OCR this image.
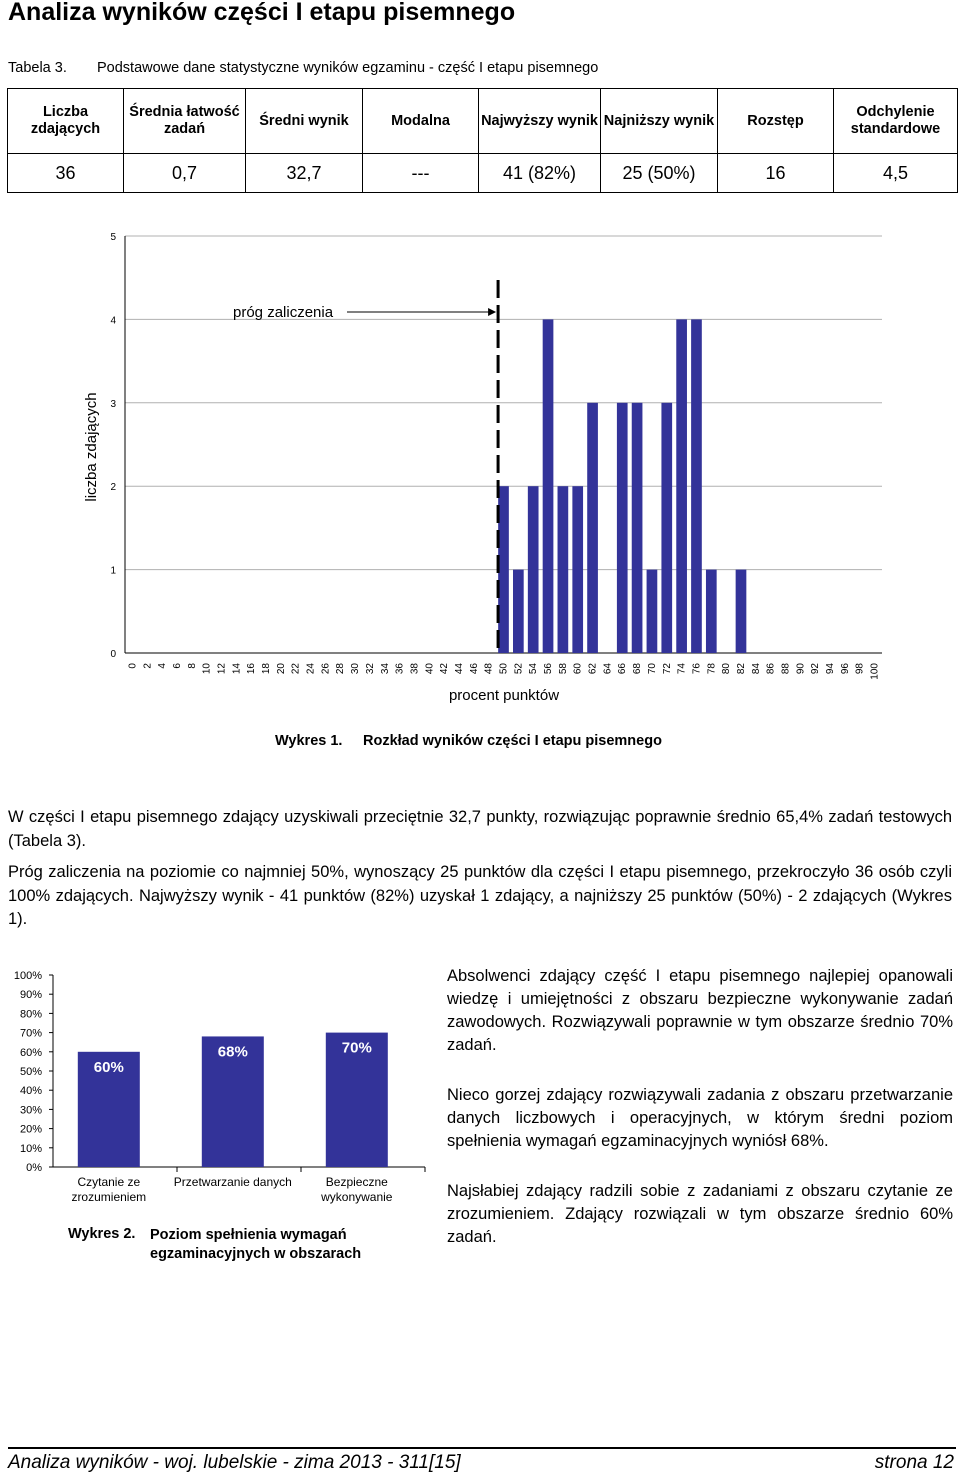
Analiza wyników części I etapu pisemnego
Tabela 3. Podstawowe dane statystyczne wyników egzaminu - część I etapu pisemnego
Liczba zdających	Średnia łatwość zadań	Średni wynik	Modalna	Najwyższy wynik	Najniższy wynik	Rozstęp	Odchylenie standardowe
36	0,7	32,7	---	41 (82%)	25 (50%)	16	4,5
0
1
2
3
4
5
0 2 4 6 8 10 12 14 16 18 20 22 24 26 28 30 32 34 36 38 40 42 44 46 48 50 52 54 56 58 60 62 64 66 68 70 72 74 76 78 80 82 84 86 88 90 92 94 96 98 100
próg zaliczenia
liczba zdających
procent punktów
Wykres 1. Rozkład wyników części I etapu pisemnego
W części I etapu pisemnego zdający uzyskiwali przeciętnie 32,7 punkty, rozwiązując poprawnie średnio 65,4% zadań testowych (Tabela 3).
Próg zaliczenia na poziomie co najmniej 50%, wynoszący 25 punktów dla części I etapu pisemnego, przekroczyło 36 osób czyli 100% zdających. Najwyższy wynik - 41 punktów (82%) uzyskał 1 zdający, a najniższy 25 punktów (50%) - 2 zdających (Wykres 1).
0%
10%
20%
30%
40%
50%
60%
70%
80%
90%
100%
60%
Czytanie ze
zrozumieniem
68%
Przetwarzanie danych
70%
Bezpieczne
wykonywanie
Wykres 2. Poziom spełnienia wymagań egzaminacyjnych w obszarach
Absolwenci zdający część I etapu pisemnego najlepiej opanowali wiedzę i umiejętności z obszaru bezpieczne wykonywanie zadań zawodowych. Rozwiązywali poprawnie w tym obszarze średnio 70% zadań.
Nieco gorzej zdający rozwiązywali zadania z obszaru przetwarzanie danych liczbowych i operacyjnych, w którym średni poziom spełnienia wymagań egzaminacyjnych wyniósł 68%.
Najsłabiej zdający radzili sobie z zadaniami z obszaru czytanie ze zrozumieniem. Zdający rozwiązali w tym obszarze średnio 60% zadań.
Analiza wyników - woj. lubelskie - zima 2013 - 311[15]	strona 12
